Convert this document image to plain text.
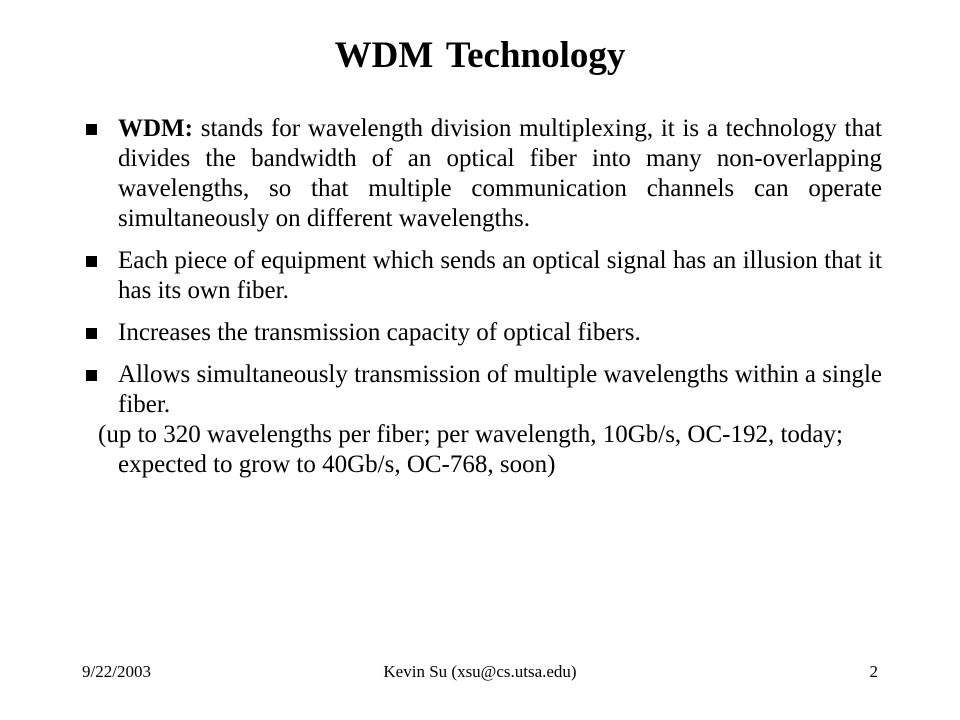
WDM Technology
WDM: stands for wavelength division multiplexing, it is a technology that divides the bandwidth of an optical fiber into many non-overlapping wavelengths, so that multiple communication channels can operate simultaneously on different wavelengths.
Each piece of equipment which sends an optical signal has an illusion that it has its own fiber.
Increases the transmission capacity of optical fibers.
Allows simultaneously transmission of multiple wavelengths within a single fiber.
(up to 320 wavelengths per fiber; per wavelength, 10Gb/s, OC-192, today; expected to grow to 40Gb/s, OC-768, soon)
9/22/2003	Kevin Su (xsu@cs.utsa.edu)	2
